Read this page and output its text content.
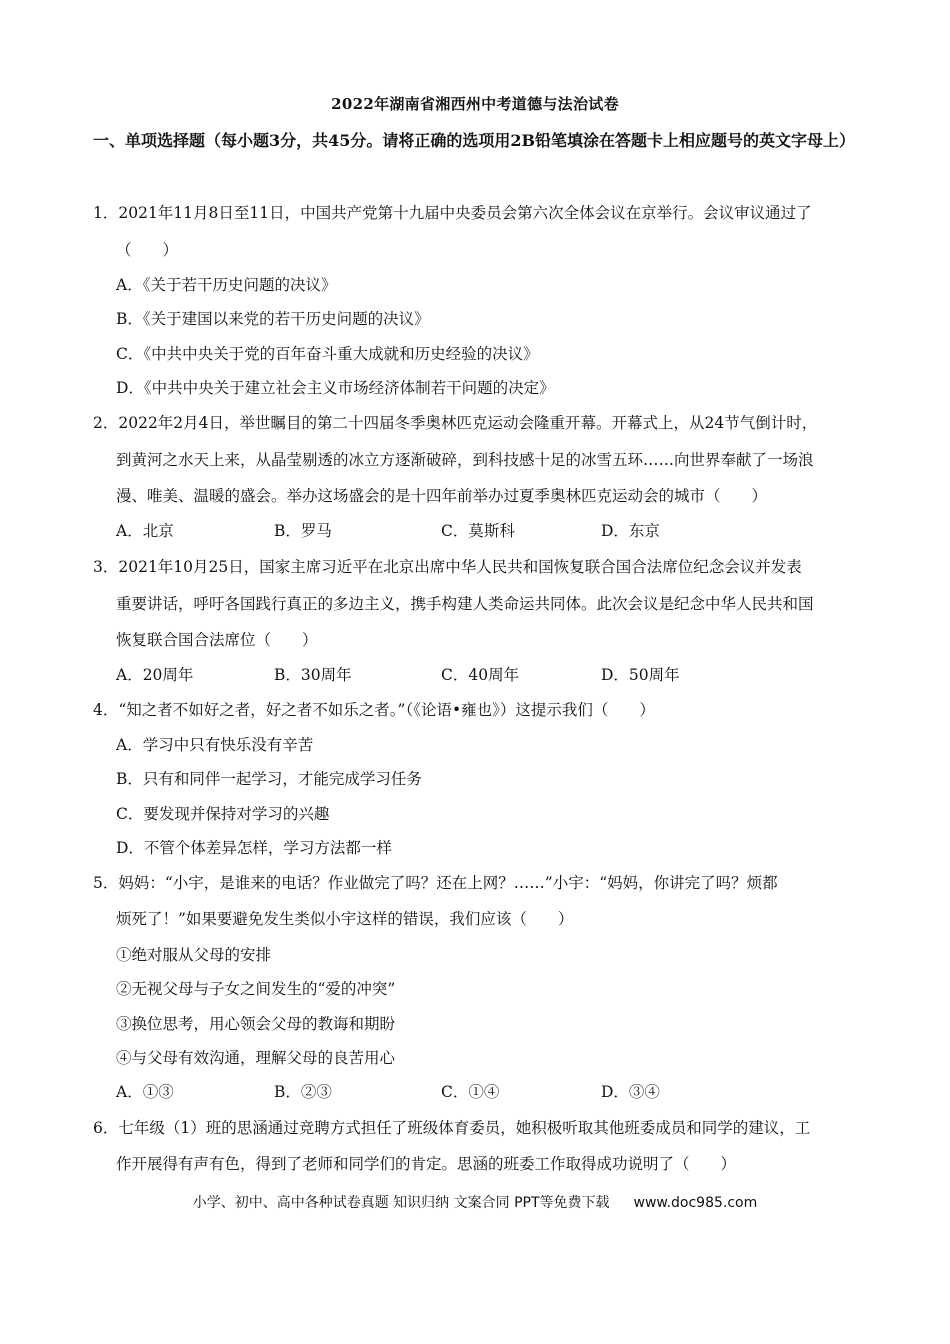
2022年湖南省湘西州中考道德与法治试卷
一、单项选择题（每小题3分，共45分。请将正确的选项用2B铅笔填涂在答题卡上相应题号的英文字母上）
1．2021年11月8日至11日，中国共产党第十九届中央委员会第六次全体会议在京举行。会议审议通过了
（　　）
A．《关于若干历史问题的决议》
B．《关于建国以来党的若干历史问题的决议》
C．《中共中央关于党的百年奋斗重大成就和历史经验的决议》
D．《中共中央关于建立社会主义市场经济体制若干问题的决定》
2．2022年2月4日，举世瞩目的第二十四届冬季奥林匹克运动会隆重开幕。开幕式上，从24节气倒计时，
到黄河之水天上来，从晶莹剔透的冰立方逐渐破碎，到科技感十足的冰雪五环……向世界奉献了一场浪
漫、唯美、温暖的盛会。举办这场盛会的是十四年前举办过夏季奥林匹克运动会的城市（　　）
A．北京	B．罗马	C．莫斯科	D．东京
3．2021年10月25日，国家主席习近平在北京出席中华人民共和国恢复联合国合法席位纪念会议并发表
重要讲话，呼吁各国践行真正的多边主义，携手构建人类命运共同体。此次会议是纪念中华人民共和国
恢复联合国合法席位（　　）
A．20周年	B．30周年	C．40周年	D．50周年
4．“知之者不如好之者，好之者不如乐之者。”（《论语•雍也》）这提示我们（　　）
A．学习中只有快乐没有辛苦
B．只有和同伴一起学习，才能完成学习任务
C．要发现并保持对学习的兴趣
D．不管个体差异怎样，学习方法都一样
5．妈妈：“小宇，是谁来的电话？作业做完了吗？还在上网？……”小宇：“妈妈，你讲完了吗？烦都
烦死了！”如果要避免发生类似小宇这样的错误，我们应该（　　）
①绝对服从父母的安排
②无视父母与子女之间发生的“爱的冲突”
③换位思考，用心领会父母的教诲和期盼
④与父母有效沟通，理解父母的良苦用心
A．①③	B．②③	C．①④	D．③④
6．七年级（1）班的思涵通过竞聘方式担任了班级体育委员，她积极听取其他班委成员和同学的建议，工
作开展得有声有色，得到了老师和同学们的肯定。思涵的班委工作取得成功说明了（　　）
小学、初中、高中各种试卷真题 知识归纳 文案合同 PPT等免费下载 www.doc985.com
